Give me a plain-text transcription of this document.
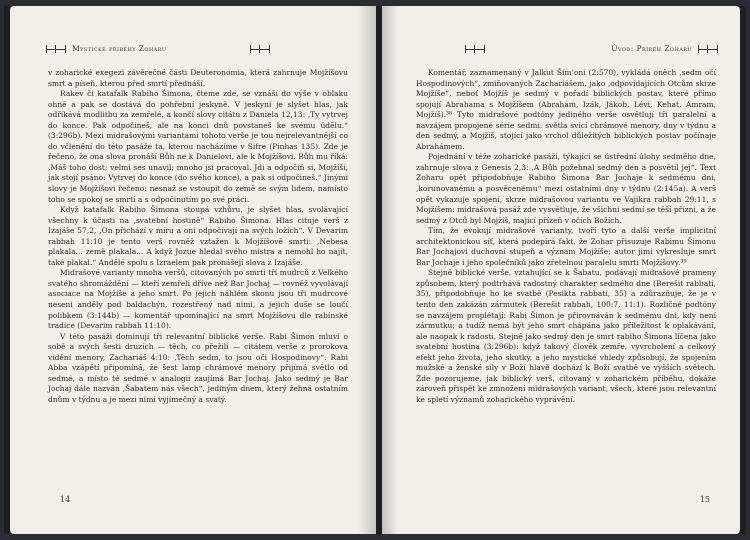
Mystické příběhy Zoharu

v zoharické exegezi závěrečné části Deuteronomia, která zahrnuje Mojžíšovu smrt a píseň, kterou před smrtí přednáší.

Rakev či katafalk Rabiho Šimona, čteme zde, se vznáší do výše v oblaku ohně a pak se dostává do pohřební jeskyně. V jeskyni je slyšet hlas, jak odříkává modlitbu za zemřelé, a končí slovy citátu z Daniela 12,13: ‚Ty vytrvej do konce. Pak odpočineš, ale na konci dnů povstaneš ke svému údělu.“ (3:296b). Mezi midrašovými variantami tohoto verše je tou nejrelevantnější co do včlenění do této pasáže ta, kterou nacházíme v Sifre (Pinhas 135). Zde je řečeno, že ona slova pronáší Bůh ne k Danielovi, ale k Mojžíšovi. Bůh mu říká: ‚Máš toho dost; velmi ses unavil; mnoho jsi pracoval. Jdi a odpočiň si, Mojžíši, jak stojí psáno: Vytrvej do konce (do svého konce), a pak si odpočineš.“ Jinými slovy je Mojžíšovi řečeno: nesnaž se vstoupit do země se svým lidem, namísto toho se spokoj se smrtí a s odpočinutím po své práci.

Když katafalk Rabiho Šimona stoupá vzhůru, je slyšet hlas, svolávající všechny k účasti na ‚svatební hostině“ Rabiho Šimona. Hlas cituje verš z Izajáše 57,2, ‚On přichází v míru a oni odpočívají na svých ložích“. V Devarim rabbah 11:10 je tento verš rovněž vztažen k Mojžíšově smrti: ‚Nebesa plakala... země plakala... A když Jozue hledal svého mistra a nemohl ho najít, také plakal.“ Andělé spolu s Izraelem pak pronášejí slova z Izajáše.

Midrašové varianty mnoha veršů, citovaných po smrti tří mudrců z Velkého svatého shromáždění — kteří zemřeli dříve než Bar Jochaj — rovněž vyvolávají asociace na Mojžíše a jeho smrt. Po jejich náhlém skonu jsou tři mudrcové neseni anděly pod baldachýn, rozestřený nad nimi, a jejich duše se loučí polibkem (3:144b) — komentář upomínající na smrt Mojžíšovu dle rabínské tradice (Devarim rabbah 11:10).

V této pasáži dominují tři relevantní biblické verše. Rabi Šimon mluví o sobě a svých šesti druzích — těch, co přežili — citátem verše z prorokova vidění menory, Zachariáš 4:10: ‚Těch sedm, to jsou oči Hospodinovy“. Rabi Abba vzápětí připomíná, že šest lamp chrámové menory přijímá světlo od sedmé, a místo té sedmé v analogii zaujímá Bar Jochaj. Jako sedmý je Bar Jochaj dále nazván ‚Šabatem nás všech“, jediným dnem, který žehná ostatním dnům v týdnu a je mezi nimi vyjímečný a svatý.

14
Úvod: Příběh Zoharu

Komentář, zaznamenaný v Jalkut Šim’oni (2:570), vykládá oněch ‚sedm očí Hospodinových“, zmiňovaných Zachariášem, jako ‚odpovídajících Otcům skrze Mojžíše“, neboť Mojžíš je sedmý v pořadí biblických postav, které přímo spojují Abrahama s Mojžíšem (Abraham, Izák, Jákob, Lévi, Kehat, Amram, Mojžíš).³⁸ Tyto midrašové podtóny jediného verše osvětlují tři paralelní a navzájem propojené série sedmi: světla svící chrámové menory, dny v týdnu a den sedmý, a Mojžíš, stojící jako vrchol důležitých biblických postav počínaje Abrahámem.

Pojednání v téže zoharické pasáži, týkající se ústřední úlohy sedmého dne, zahrnuje slova z Genesis 2,3: ‚A Bůh požehnal sedmý den a posvětil jej“. Text Zoharu opět připodobňuje Rabiho Šimona Bar Jochaje k sedmému dni, ‚korunovanému a posvěcenému“ mezi ostatními dny v týdnu (2:145a). A verš opět vykazuje spojení, skrze midrašovou variantu ve Vajikra rabbah 29:11, s Mojžíšem: midrašová pasáž zde vysvětluje, že všichni sedmí se těší přízni, a že sedmý z Otců byl Mojžíš, mající přízeň v očích Božích.

Tím, že evokují midrašové varianty, tvoří tyto a další verše implicitní architektonickou síť, která podepírá fakt, že Zohar přisuzuje Rabimu Šimonu Bar Jochajovi duchovní stupeň a význam Mojžíše; autor jimi vykresluje smrt Bar Jochaje i jeho společníků jako zřetelnou paralelu smrti Mojžíšovy.³⁹

Stejně biblické verše, vztahující se k Šabatu, podávají midrašové prameny způsobem, který podtrhává radostný charakter sedmého dne (Berešit rabbati, 35), připodobňuje ho ke svatbě (Pesikta rabbati, 35) a zdůrazňuje, že je v tento den zakázán zármutek (Berešit rabbah, 100:7, 11:1). Rozličné podtóny se navzájem proplétají: Rabi Šimon je přirovnáván k sedmému dni, kdy není zármutku; a tudíž nemá být jeho smrt chápána jako příležitost k oplakávání, ale naopak k radosti. Stejně jako sedmý den je smrt rabiho Šimona líčena jako svatební hostina (3:296b): když takový člověk zemře, vyvrcholení a celkový efekt jeho života, jeho skutky, a jeho mystické vhledy způsobují, že spojením mužské a ženské síly v Boží hlavě dochází k Boží svatbě ve vyšších světech. Zde pozorujeme, jak biblický verš, citovaný v zoharickém příběhu, dokáže zároveň přispět ke zmnožení midrašových variant, všech, které jsou relevantní ke spletí významů zoharického vyprávění.

15
